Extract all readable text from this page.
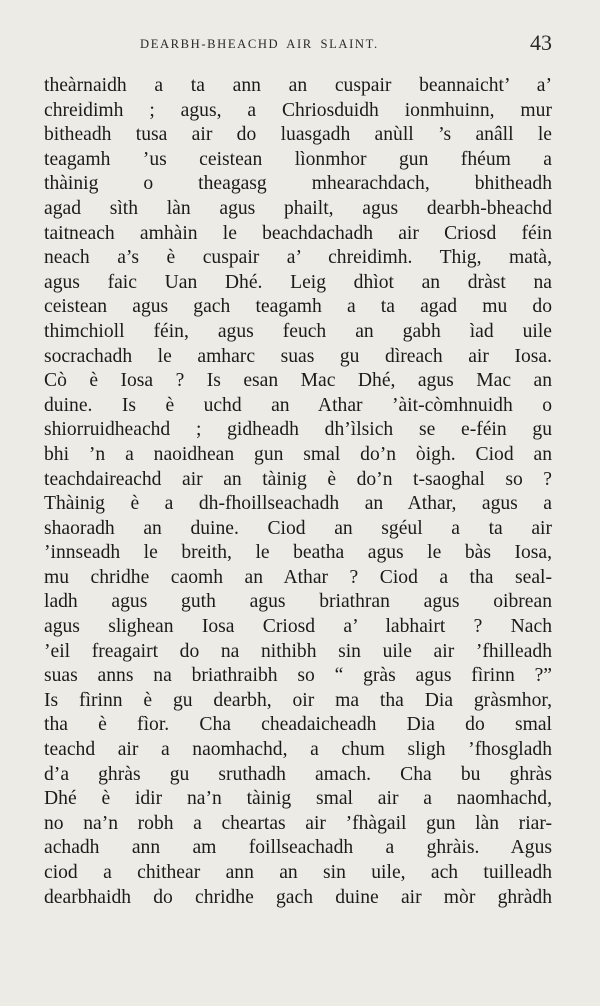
DEARBH-BHEACHD AIR SLAINT.	43
theàrnaidh a ta ann an cuspair beannaicht’ a’
chreidimh ; agus, a Chriosduidh ionmhuinn, mur
bitheadh tusa air do luasgadh anùll ’s anâll le
teagamh ’us ceistean lìonmhor gun fhéum a
thàinig o theagasg mhearachdach, bhitheadh
agad sìth làn agus phailt, agus dearbh-bheachd
taitneach amhàin le beachdachadh air Criosd féin
neach a’s è cuspair a’ chreidimh. Thig, matà,
agus faic Uan Dhé. Leig dhìot an dràst na
ceistean agus gach teagamh a ta agad mu do
thimchioll féin, agus feuch an gabh ìad uile
socrachadh le amharc suas gu dìreach air Iosa.
Cò è Iosa ? Is esan Mac Dhé, agus Mac an
duine. Is è uchd an Athar ’àit-còmhnuidh o
shiorruidheachd ; gidheadh dh’ìlsich se e-féin gu
bhi ’n a naoidhean gun smal do’n òigh. Ciod an
teachdaireachd air an tàinig è do’n t-saoghal so ?
Thàinig è a dh-fhoillseachadh an Athar, agus a
shaoradh an duine. Ciod an sgéul a ta air
’innseadh le breith, le beatha agus le bàs Iosa,
mu chridhe caomh an Athar ? Ciod a tha seal-
ladh agus guth agus briathran agus oibrean
agus slighean Iosa Criosd a’ labhairt ? Nach
’eil freagairt do na nithibh sin uile air ’fhilleadh
suas anns na briathraibh so “ gràs agus fìrinn ?”
Is fìrinn è gu dearbh, oir ma tha Dia gràsmhor,
tha è fìor. Cha cheadaicheadh Dia do smal
teachd air a naomhachd, a chum sligh ’fhosgladh
d’a ghràs gu sruthadh amach. Cha bu ghràs
Dhé è idir na’n tàinig smal air a naomhachd,
no na’n robh a cheartas air ’fhàgail gun làn riar-
achadh ann am foillseachadh a ghràis. Agus
ciod a chithear ann an sin uile, ach tuilleadh
dearbhaidh do chridhe gach duine air mòr ghràdh
